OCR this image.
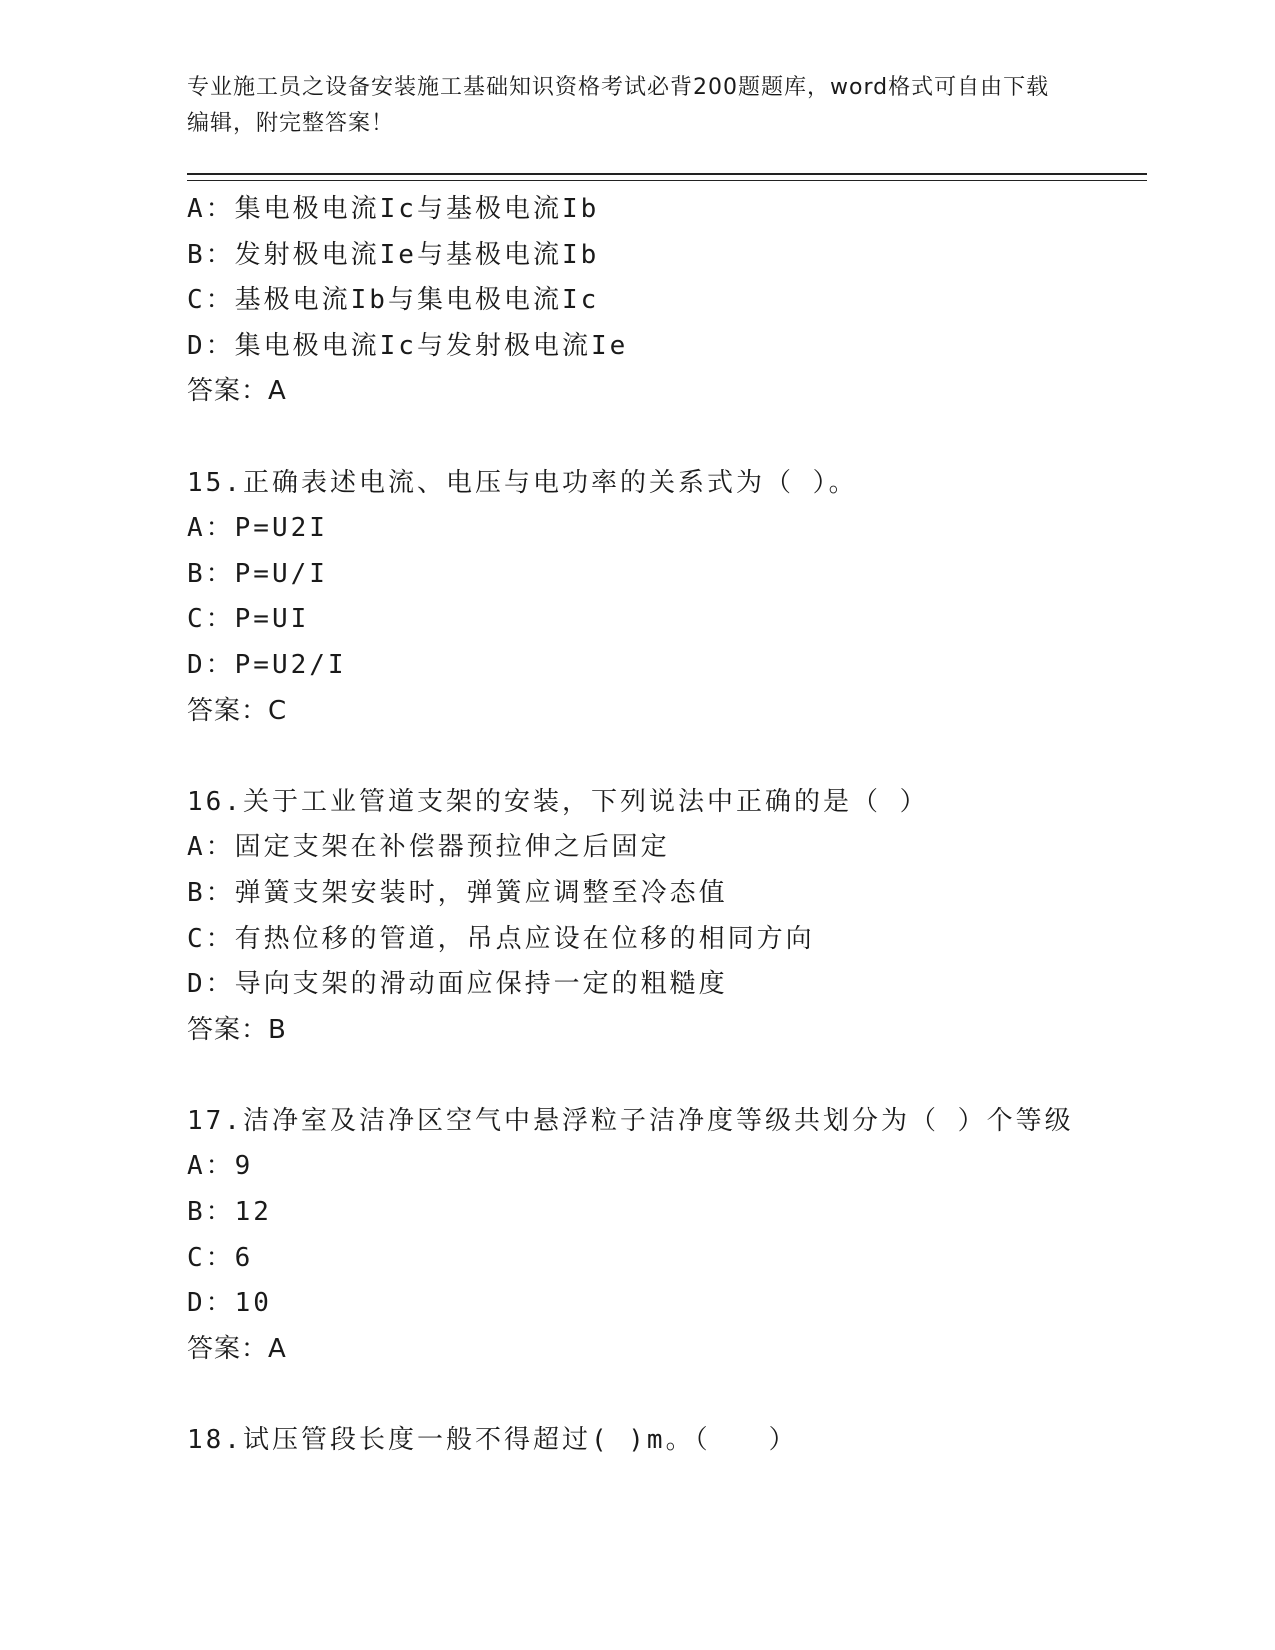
专业施工员之设备安装施工基础知识资格考试必背200题题库，word格式可自由下载编辑，附完整答案！
A：集电极电流Ic与基极电流Ib
B：发射极电流Ie与基极电流Ib
C：基极电流Ib与集电极电流Ic
D：集电极电流Ic与发射极电流Ie
答案：A
15.正确表述电流、电压与电功率的关系式为（ ）。
A：P=U2I
B：P=U/I
C：P=UI
D：P=U2/I
答案：C
16.关于工业管道支架的安装，下列说法中正确的是（ ）
A：固定支架在补偿器预拉伸之后固定
B：弹簧支架安装时，弹簧应调整至冷态值
C：有热位移的管道，吊点应设在位移的相同方向
D：导向支架的滑动面应保持一定的粗糙度
答案：B
17.洁净室及洁净区空气中悬浮粒子洁净度等级共划分为（ ）个等级
A：9
B：12
C：6
D：10
答案：A
18.试压管段长度一般不得超过( )m。（　　）
